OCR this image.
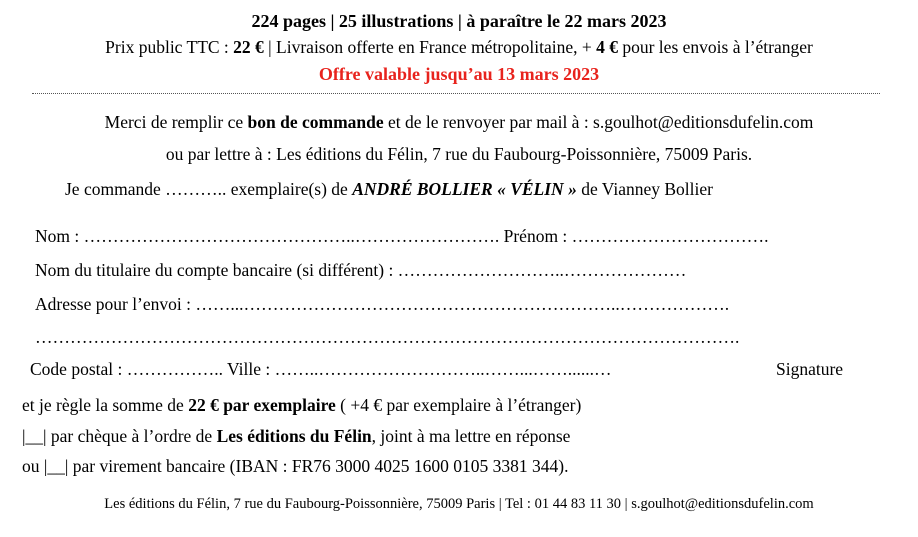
224 pages | 25 illustrations | à paraître le 22 mars 2023
Prix public TTC : 22 € | Livraison offerte en France métropolitaine, + 4 € pour les envois à l’étranger
Offre valable jusqu’au 13 mars 2023
Merci de remplir ce bon de commande et de le renvoyer par mail à : s.goulhot@editionsdufelin.com
ou par lettre à : Les éditions du Félin, 7 rue du Faubourg-Poissonnière, 75009 Paris.
Je commande ……….. exemplaire(s) de ANDRÉ BOLLIER « VÉLIN » de Vianney Bollier
Nom : ………………………………………..……………………. Prénom : …………………………….
Nom du titulaire du compte bancaire (si différent) : ………………………..…………………
Adresse pour l’envoi : ……...………………………………………………………..……………….
………………………………………………………………………………………………………….
Code postal : …………….. Ville : ……..………………………..……...……......…	Signature
et je règle la somme de 22 € par exemplaire ( +4 € par exemplaire à l’étranger)
|__| par chèque à l’ordre de Les éditions du Félin, joint à ma lettre en réponse
ou |__| par virement bancaire (IBAN : FR76 3000 4025 1600 0105 3381 344).
Les éditions du Félin, 7 rue du Faubourg-Poissonnière, 75009 Paris | Tel : 01 44 83 11 30 | s.goulhot@editionsdufelin.com
